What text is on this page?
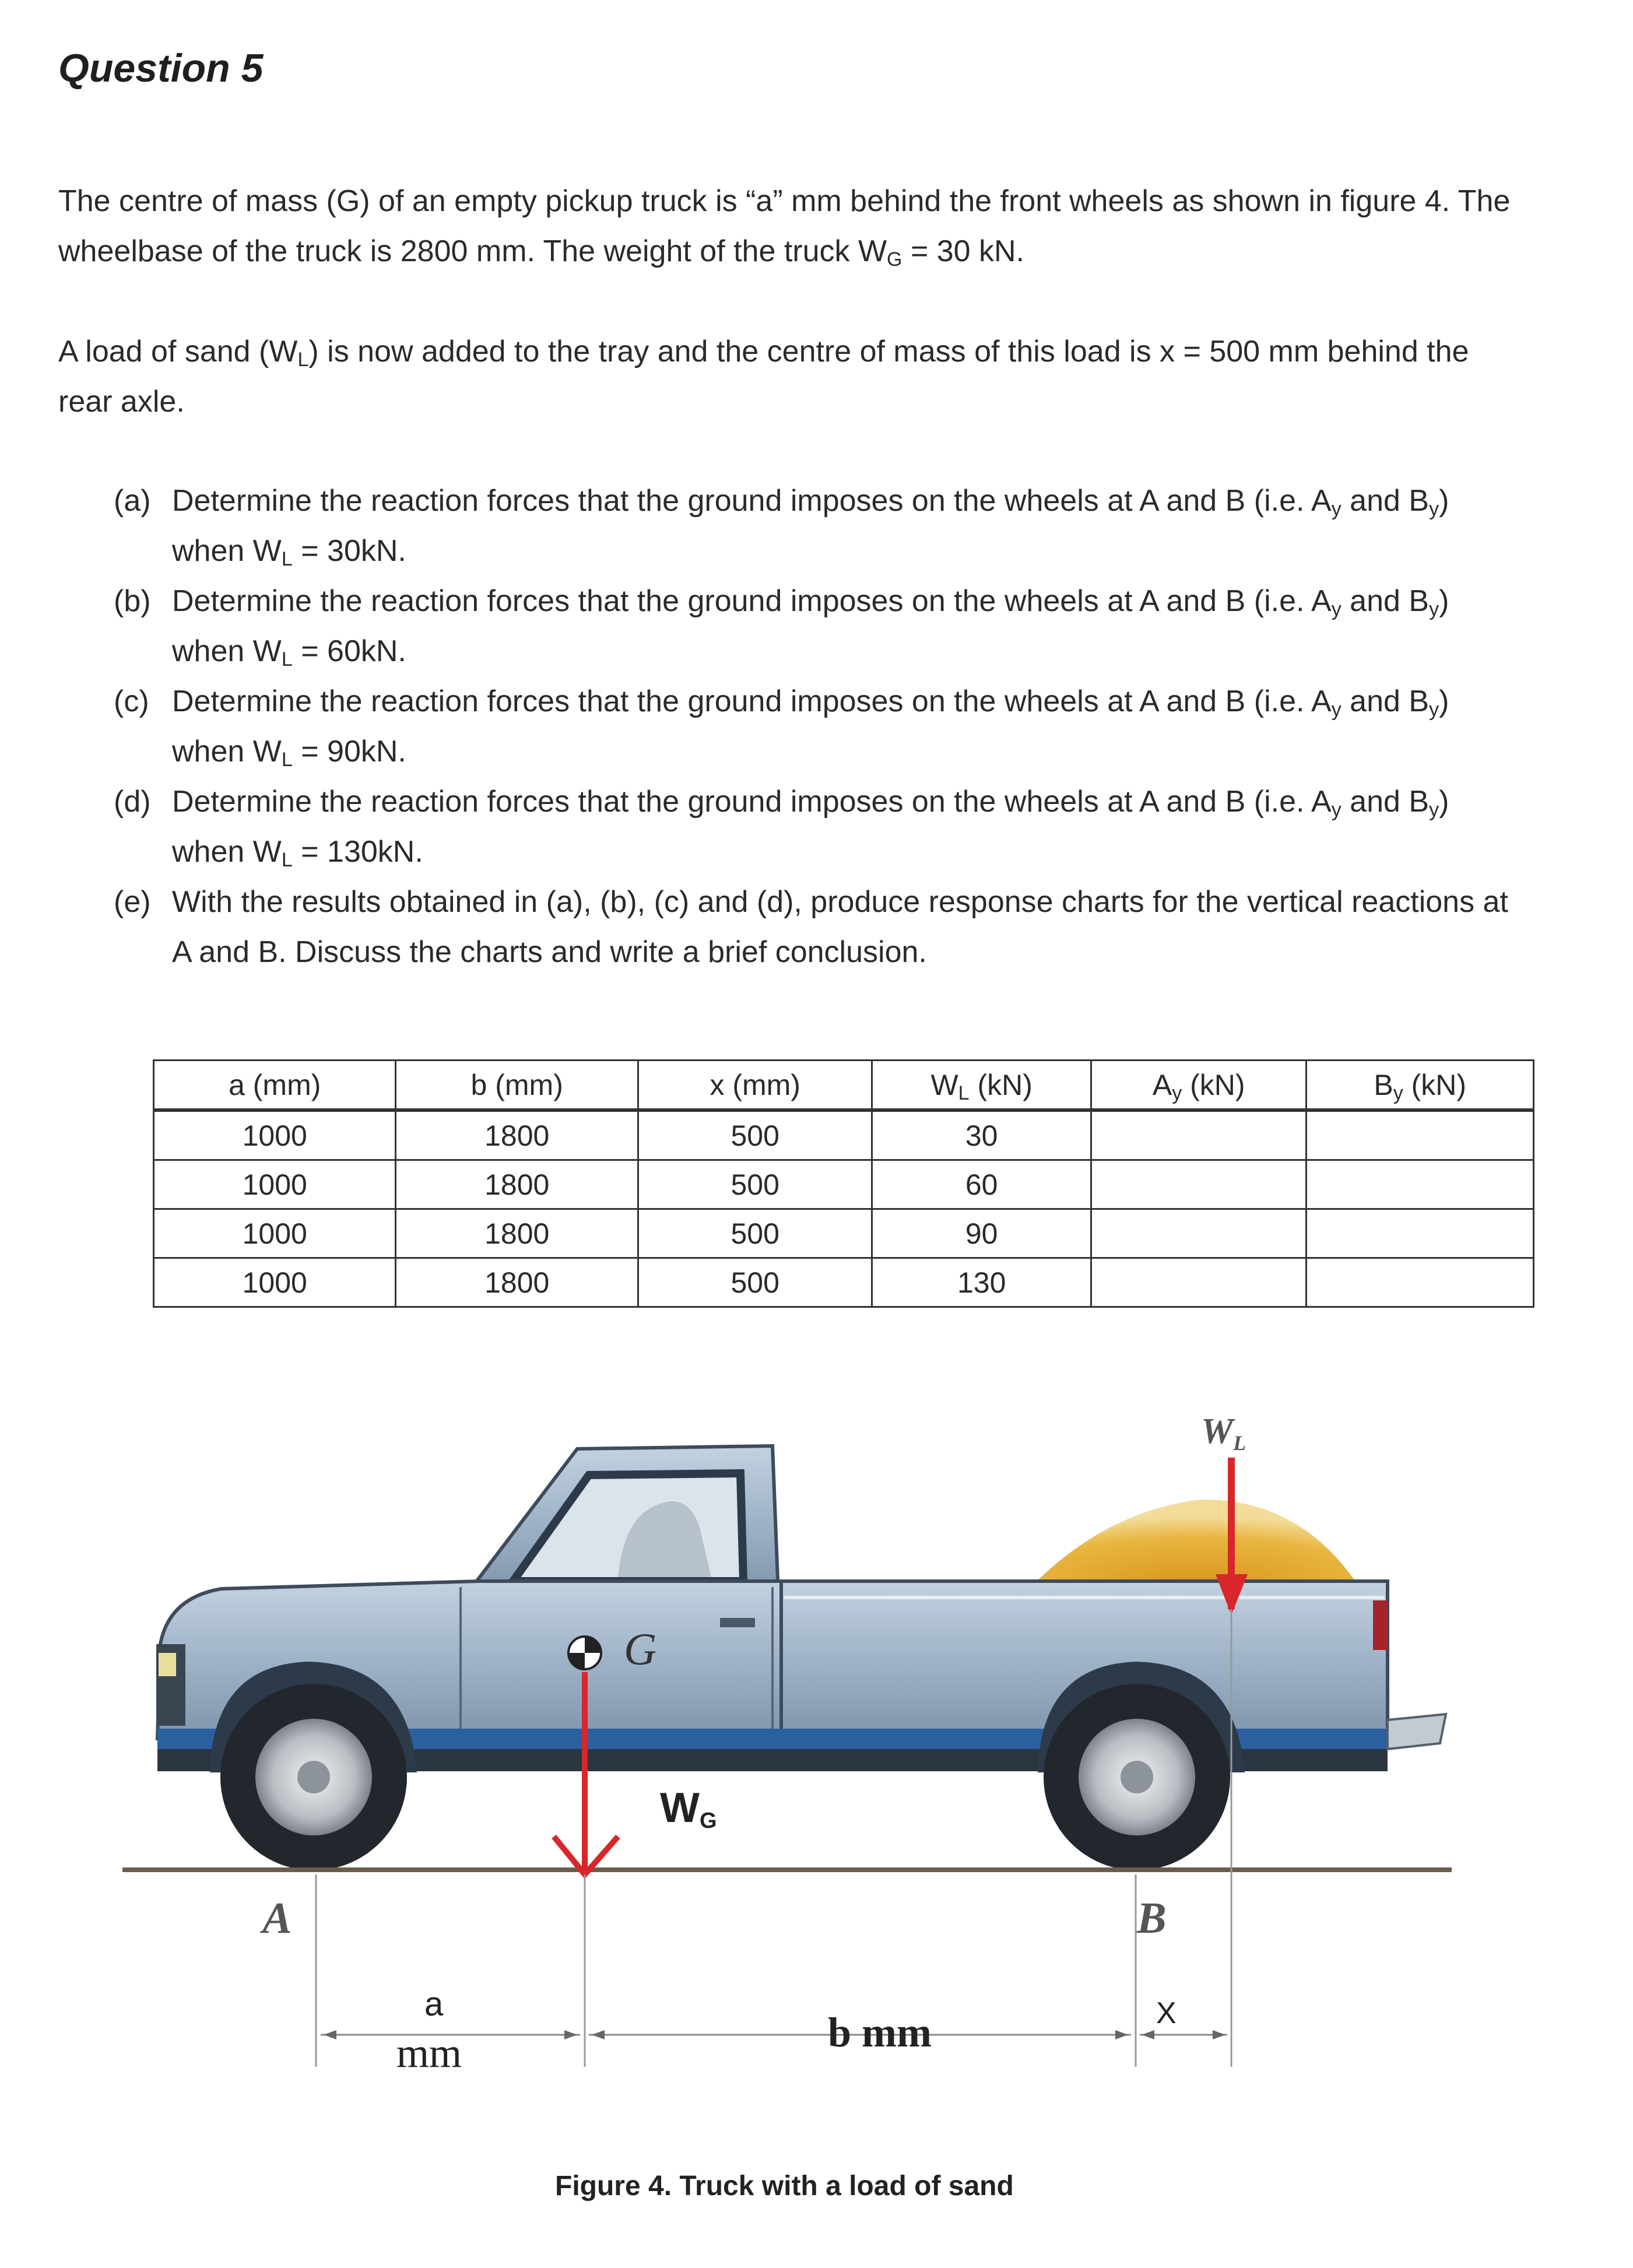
Question 5
The centre of mass (G) of an empty pickup truck is “a” mm behind the front wheels as shown in figure 4. The wheelbase of the truck is 2800 mm. The weight of the truck $W_G = 30$ kN.
A load of sand $(W_L)$ is now added to the tray and the centre of mass of this load is x = 500 mm behind the rear axle.
(a) Determine the reaction forces that the ground imposes on the wheels at A and B (i.e. $A_y$ and $B_y$) when $W_L = 30kN$.
(b) Determine the reaction forces that the ground imposes on the wheels at A and B (i.e. $A_y$ and $B_y$) when $W_L = 60kN$.
(c) Determine the reaction forces that the ground imposes on the wheels at A and B (i.e. $A_y$ and $B_y$) when $W_L = 90kN$.
(d) Determine the reaction forces that the ground imposes on the wheels at A and B (i.e. $A_y$ and $B_y$) when $W_L = 130kN$.
(e) With the results obtained in (a), (b), (c) and (d), produce response charts for the vertical reactions at A and B. Discuss the charts and write a brief conclusion.
a (mm)	b (mm)	x (mm)	$W_L$ (kN)	$A_y$ (kN)	$B_y$ (kN)
1000	1800	500	30		
1000	1800	500	60		
1000	1800	500	90		
1000	1800	500	130		
G
WG
WL
A	B
a
mm	b mm	X
Figure 4. Truck with a load of sand
